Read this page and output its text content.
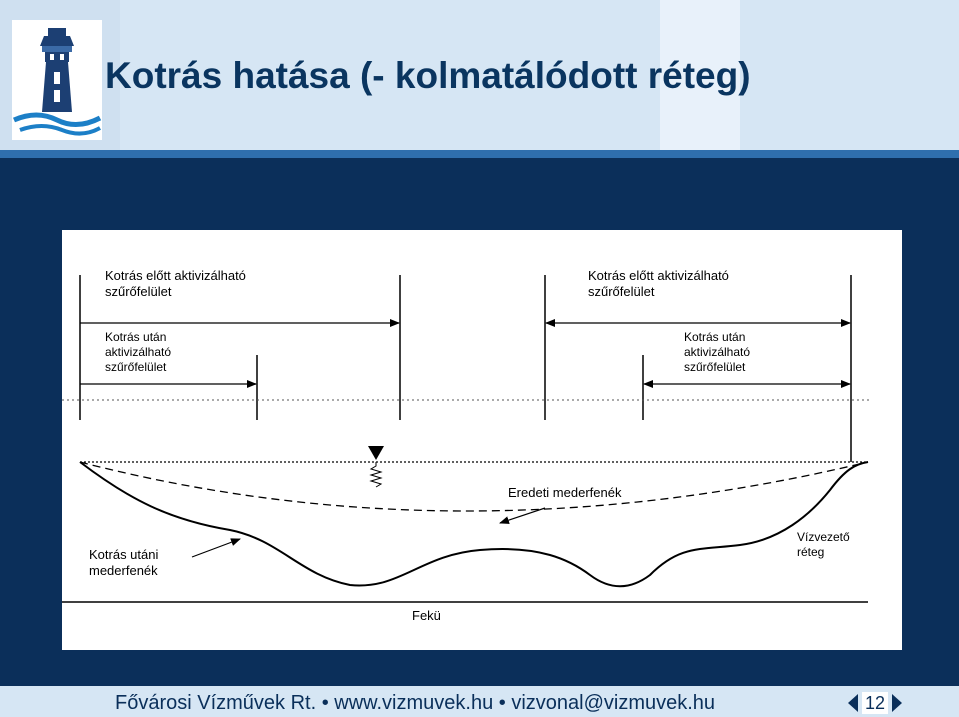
Kotrás hatása (- kolmatálódott réteg)
Kotrás előtt aktivizálható
szűrőfelület
Kotrás előtt aktivizálható
szűrőfelület
Kotrás után
aktivizálható
szűrőfelület
Kotrás után
aktivizálható
szűrőfelület
Eredeti mederfenék
Kotrás utáni
mederfenék
Vízvezető
réteg
Fekü
Fővárosi Vízművek Rt. • www.vizmuvek.hu • vizvonal@vizmuvek.hu	12
